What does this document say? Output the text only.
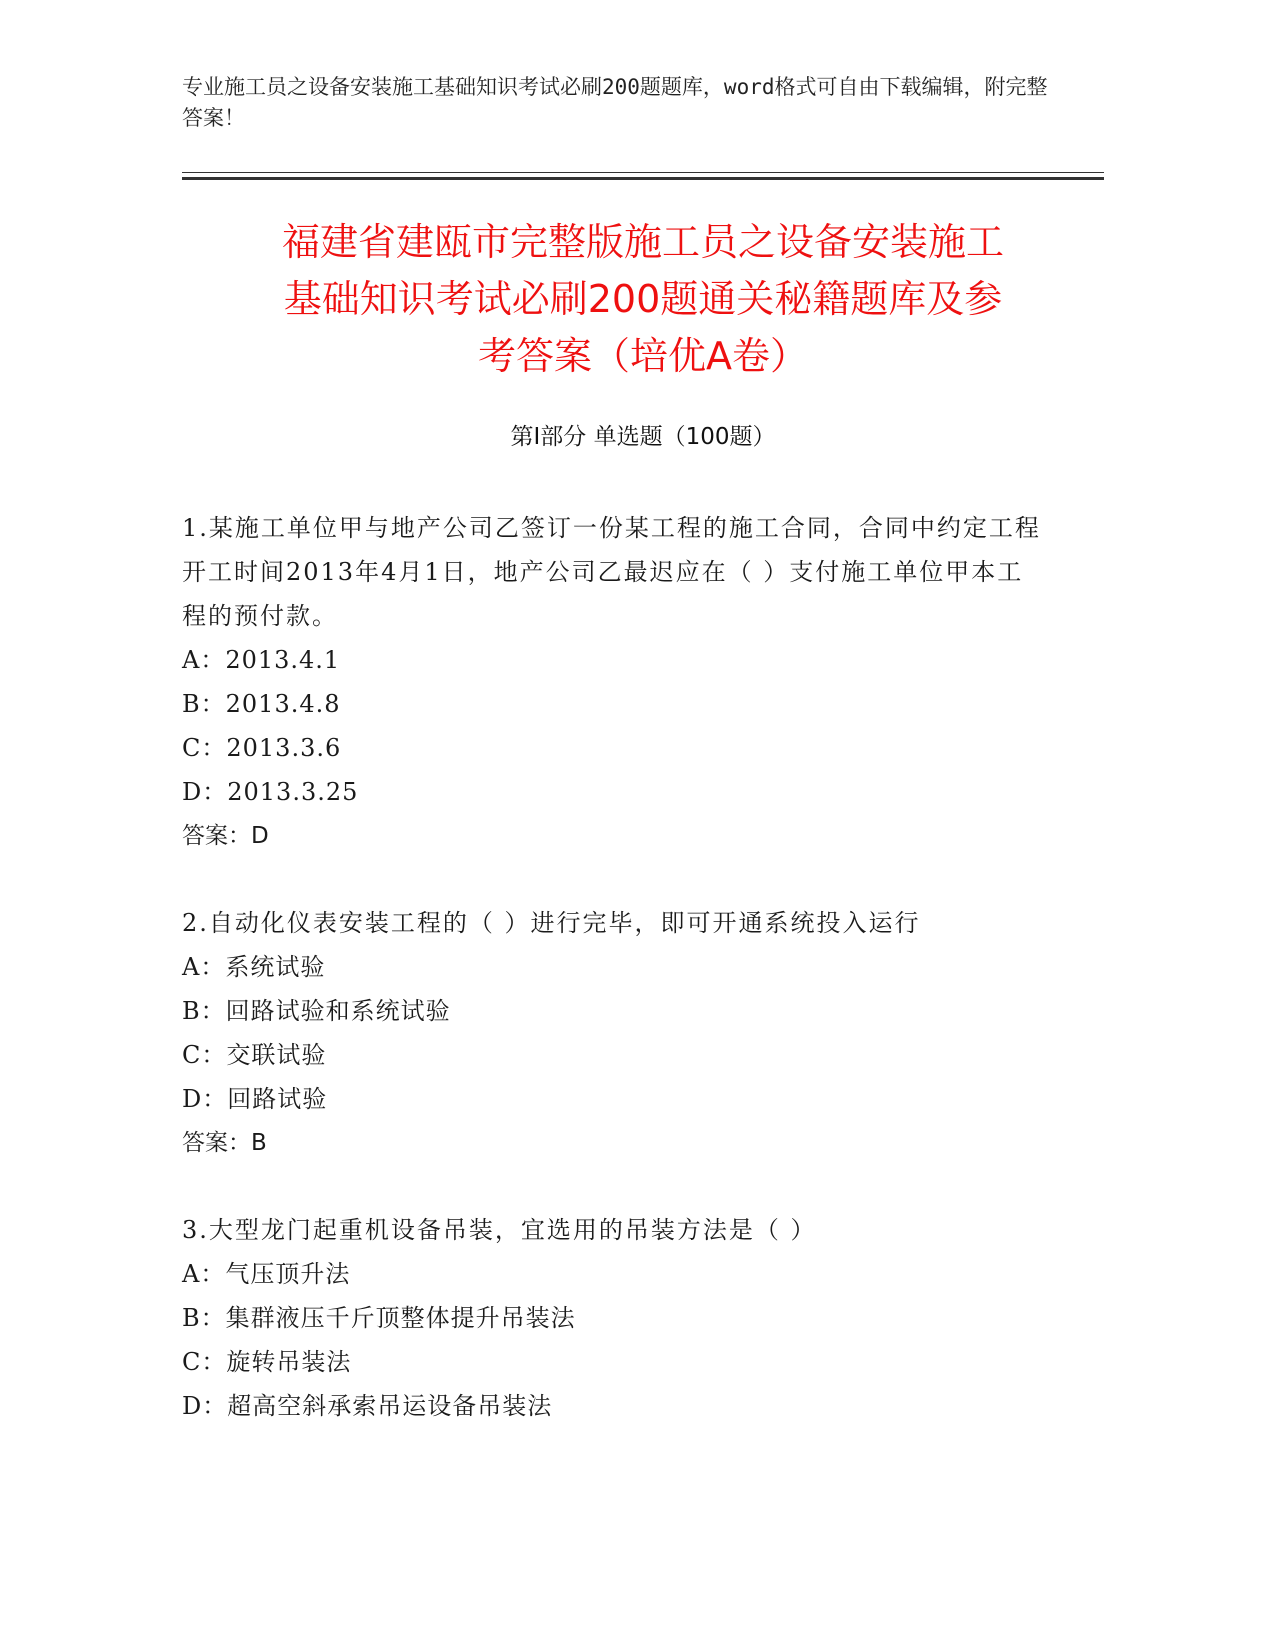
专业施工员之设备安装施工基础知识考试必刷200题题库，word格式可自由下载编辑，附完整答案！
福建省建瓯市完整版施工员之设备安装施工
基础知识考试必刷200题通关秘籍题库及参
考答案（培优A卷）
第Ⅰ部分 单选题（100题）

1.某施工单位甲与地产公司乙签订一份某工程的施工合同，合同中约定工程开工时间2013年4月1日，地产公司乙最迟应在（ ）支付施工单位甲本工程的预付款。

A：2013.4.1

B：2013.4.8

C：2013.3.6

D：2013.3.25

答案：D

2.自动化仪表安装工程的（ ）进行完毕，即可开通系统投入运行

A：系统试验

B：回路试验和系统试验

C：交联试验

D：回路试验

答案：B

3.大型龙门起重机设备吊装，宜选用的吊装方法是（ ）

A：气压顶升法

B：集群液压千斤顶整体提升吊装法

C：旋转吊装法

D：超高空斜承索吊运设备吊装法
